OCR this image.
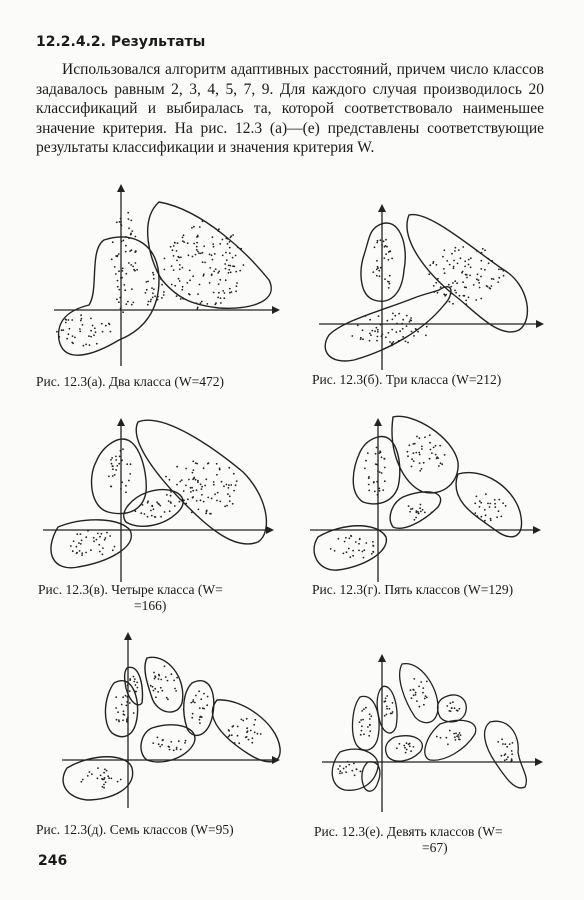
12.2.4.2. Результаты

Использовался алгоритм адаптивных расстояний, причем число классов задавалось равным 2, 3, 4, 5, 7, 9. Для каждого случая производилось 20 классификаций и выбиралась та, которой соответствовало наименьшее значение критерия. На рис. 12.3 (а)—(е) представлены соответствующие результаты классификации и значения критерия W.

Рис. 12.3(а). Два класса (W=472)	Рис. 12.3(б). Три класса (W=212)
Рис. 12.3(в). Четыре класса (W=
=166)
Рис. 12.3(г). Пять классов (W=129)
Рис. 12.3(д). Семь классов (W=95)	Рис. 12.3(е). Девять классов (W=
=67)
246
